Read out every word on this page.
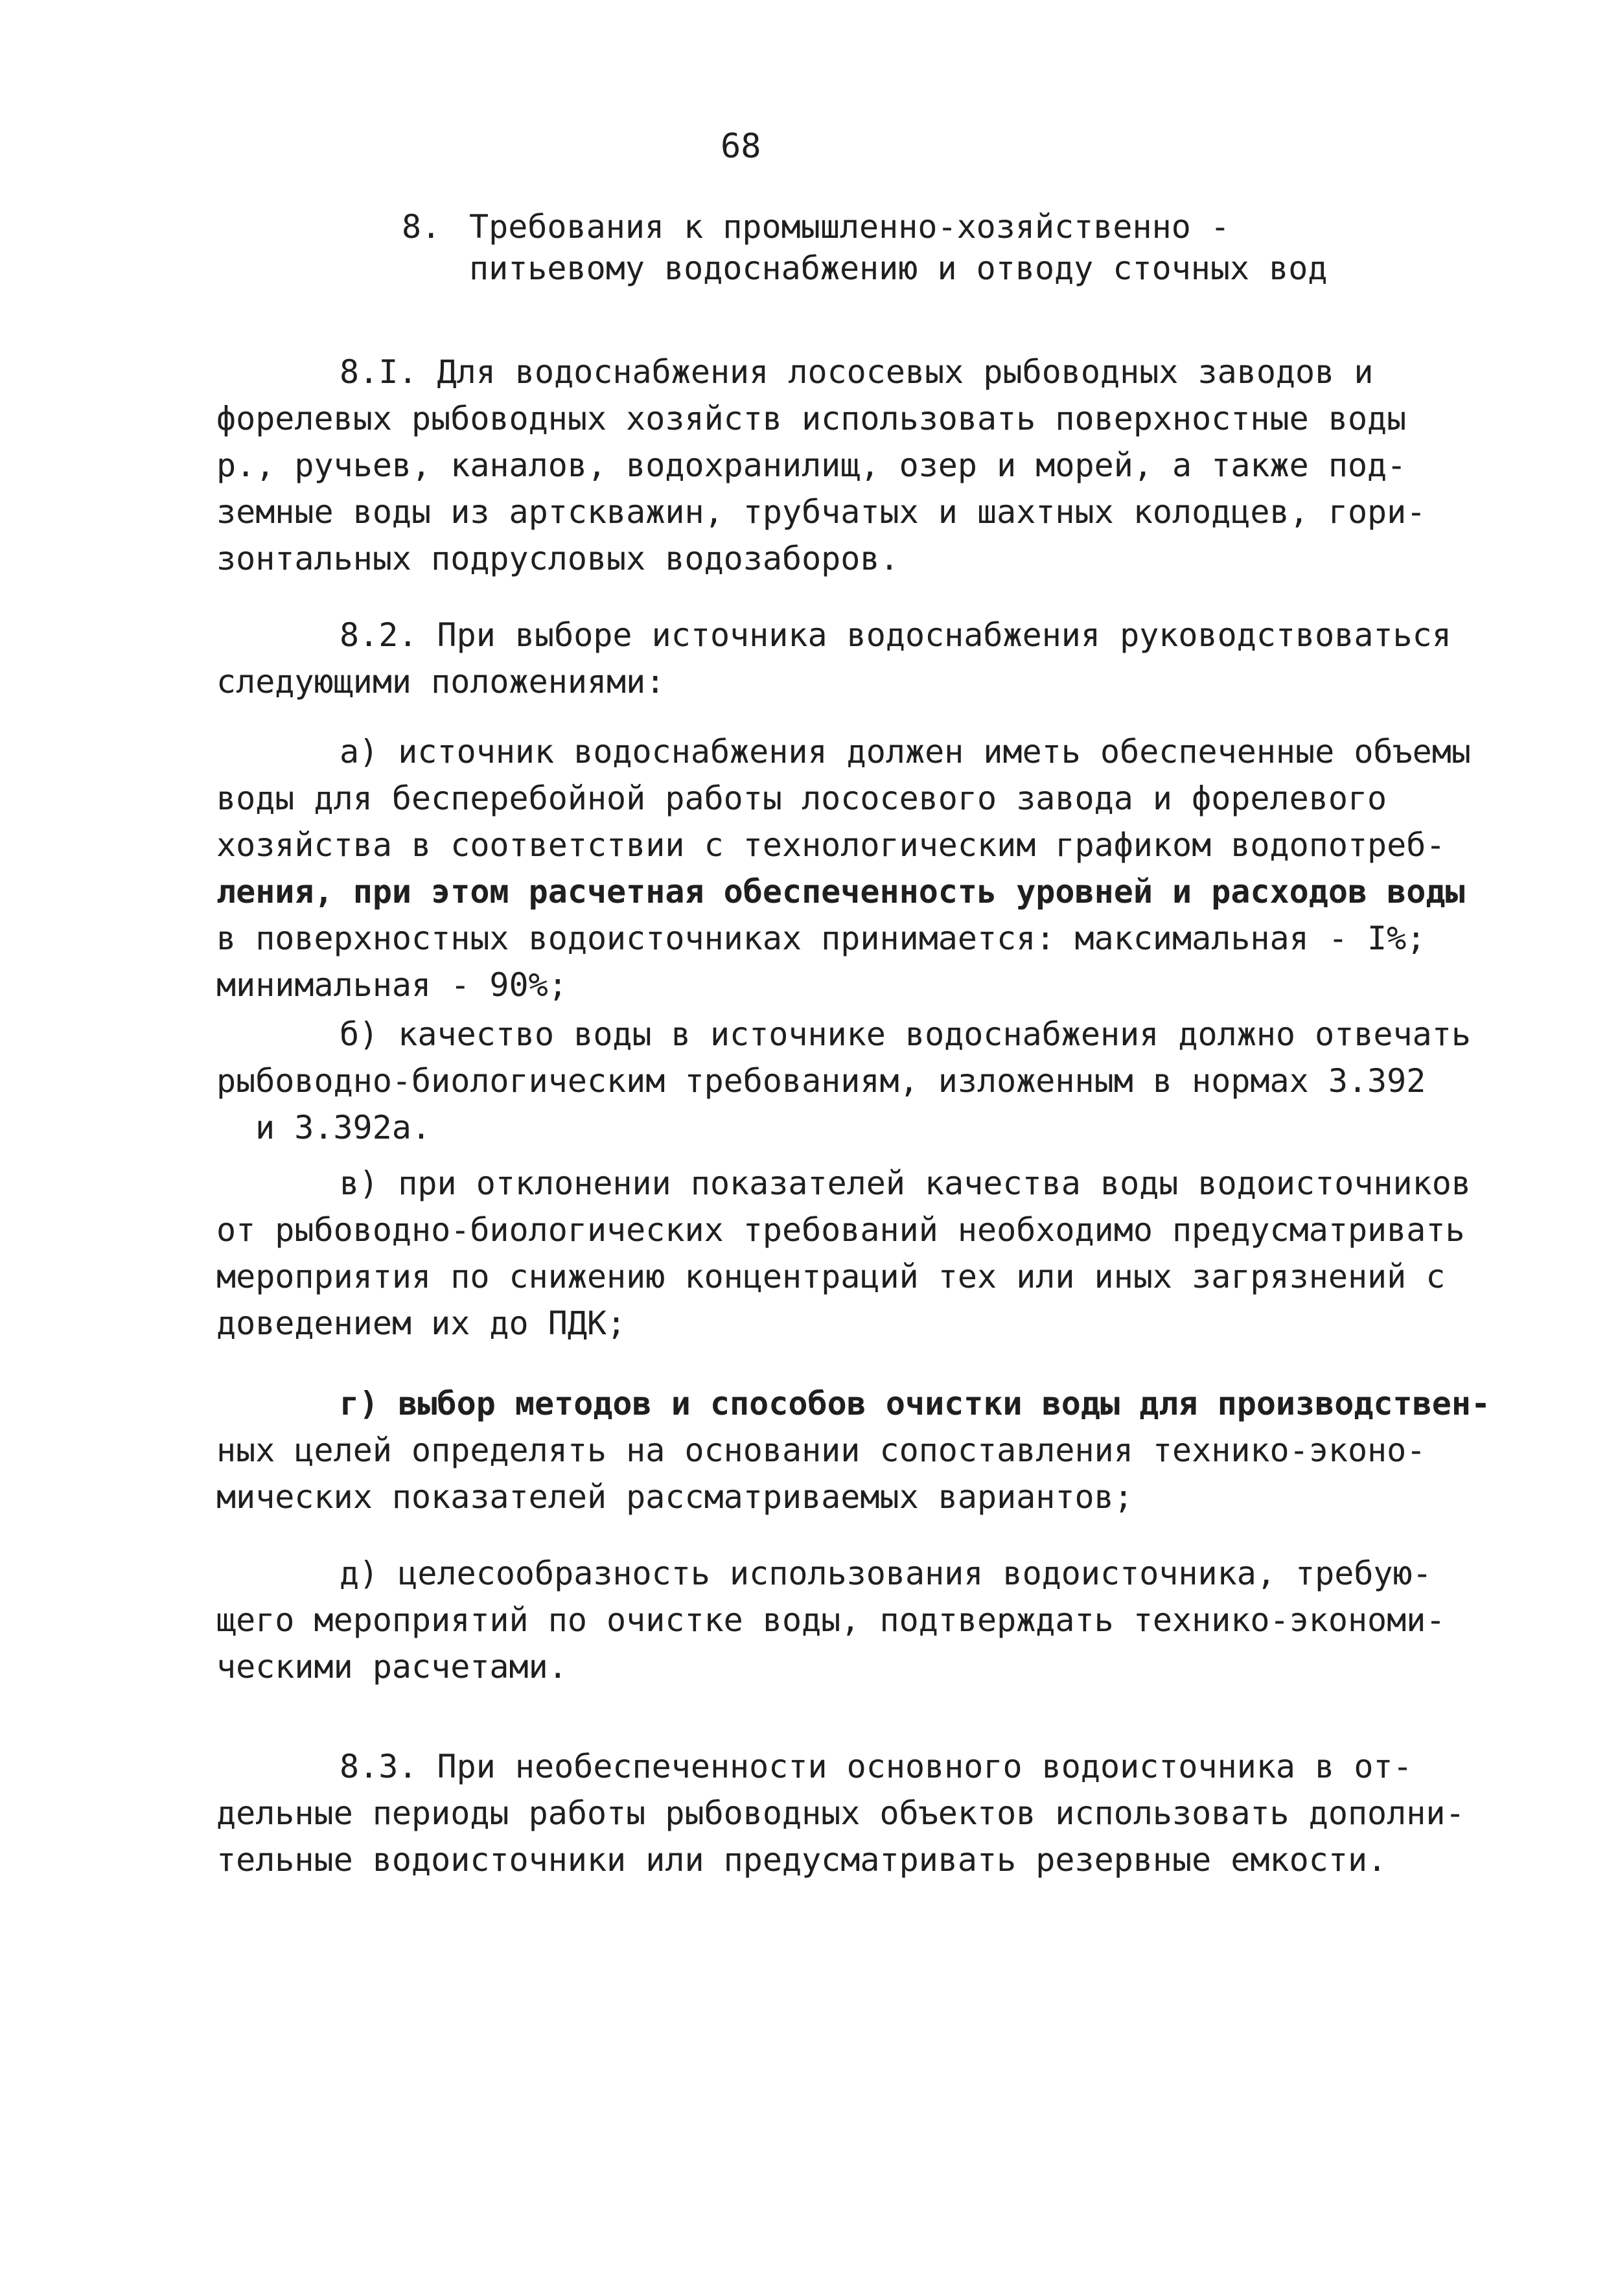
68
8. Требования к промышленно-хозяйственно -
питьевому водоснабжению и отводу сточных вод
8.I. Для водоснабжения лососевых рыбоводных заводов и
форелевых рыбоводных хозяйств использовать поверхностные воды
р., ручьев, каналов, водохранилищ, озер и морей, а также под-
земные воды из артскважин, трубчатых и шахтных колодцев, гори-
зонтальных подрусловых водозаборов.
8.2. При выборе источника водоснабжения руководствоваться
следующими положениями:
а) источник водоснабжения должен иметь обеспеченные объемы
воды для бесперебойной работы лососевого завода и форелевого
хозяйства в соответствии с технологическим графиком водопотреб-
ления, при этом расчетная обеспеченность уровней и расходов воды
в поверхностных водоисточниках принимается: максимальная - I%;
минимальная - 90%;
б) качество воды в источнике водоснабжения должно отвечать
рыбоводно-биологическим требованиям, изложенным в нормах 3.392
и 3.392а.
в) при отклонении показателей качества воды водоисточников
от рыбоводно-биологических требований необходимо предусматривать
мероприятия по снижению концентраций тех или иных загрязнений с
доведением их до ПДК;
г) выбор методов и способов очистки воды для производствен-
ных целей определять на основании сопоставления технико-эконо-
мических показателей рассматриваемых вариантов;
д) целесообразность использования водоисточника, требую-
щего мероприятий по очистке воды, подтверждать технико-экономи-
ческими расчетами.
8.3. При необеспеченности основного водоисточника в от-
дельные периоды работы рыбоводных объектов использовать дополни-
тельные водоисточники или предусматривать резервные емкости.
